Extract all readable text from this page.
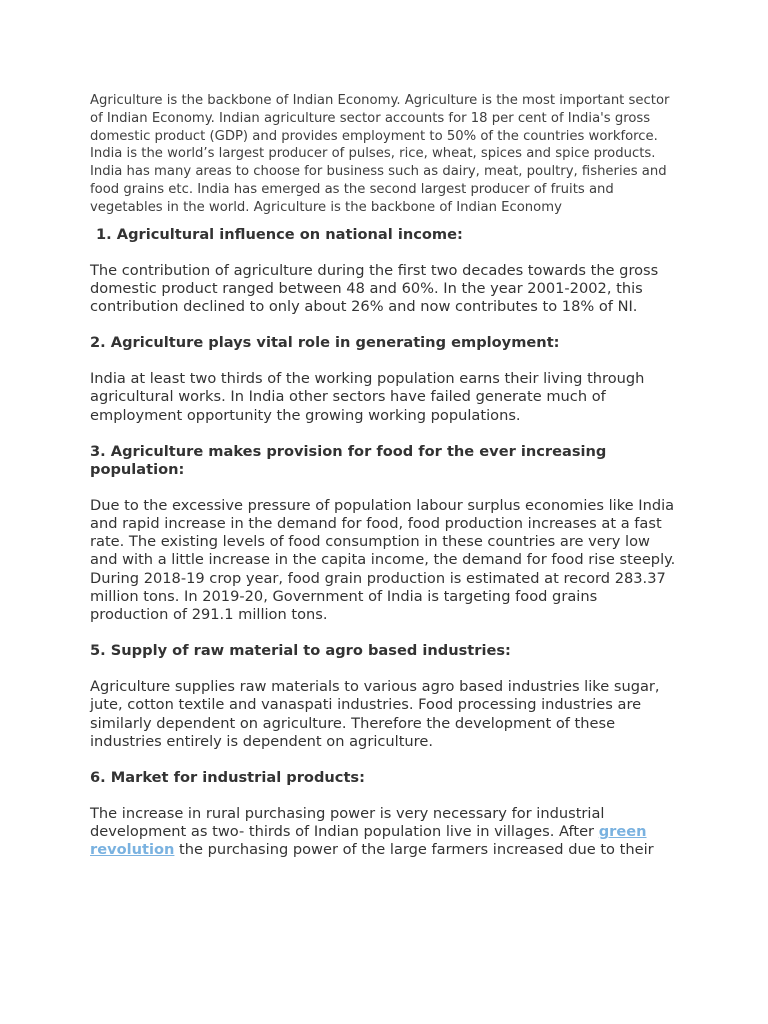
Agriculture is the backbone of Indian Economy. Agriculture is the most important sector of Indian Economy. Indian agriculture sector accounts for 18 per cent of India's gross domestic product (GDP) and provides employment to 50% of the countries workforce. India is the world’s largest producer of pulses, rice, wheat, spices and spice products. India has many areas to choose for business such as dairy, meat, poultry, fisheries and food grains etc. India has emerged as the second largest producer of fruits and vegetables in the world. Agriculture is the backbone of Indian Economy

1. Agricultural influence on national income:

The contribution of agriculture during the first two decades towards the gross domestic product ranged between 48 and 60%. In the year 2001-2002, this contribution declined to only about 26% and now contributes to 18% of NI.

2. Agriculture plays vital role in generating employment:

India at least two thirds of the working population earns their living through agricultural works. In India other sectors have failed generate much of employment opportunity the growing working populations.

3. Agriculture makes provision for food for the ever increasing population:

Due to the excessive pressure of population labour surplus economies like India and rapid increase in the demand for food, food production increases at a fast rate. The existing levels of food consumption in these countries are very low and with a little increase in the capita income, the demand for food rise steeply. During 2018-19 crop year, food grain production is estimated at record 283.37 million tons. In 2019-20, Government of India is targeting food grains production of 291.1 million tons.

5. Supply of raw material to agro based industries:

Agriculture supplies raw materials to various agro based industries like sugar, jute, cotton textile and vanaspati industries. Food processing industries are similarly dependent on agriculture. Therefore the development of these industries entirely is dependent on agriculture.

6. Market for industrial products:

The increase in rural purchasing power is very necessary for industrial development as two- thirds of Indian population live in villages. After green revolution the purchasing power of the large farmers increased due to their
